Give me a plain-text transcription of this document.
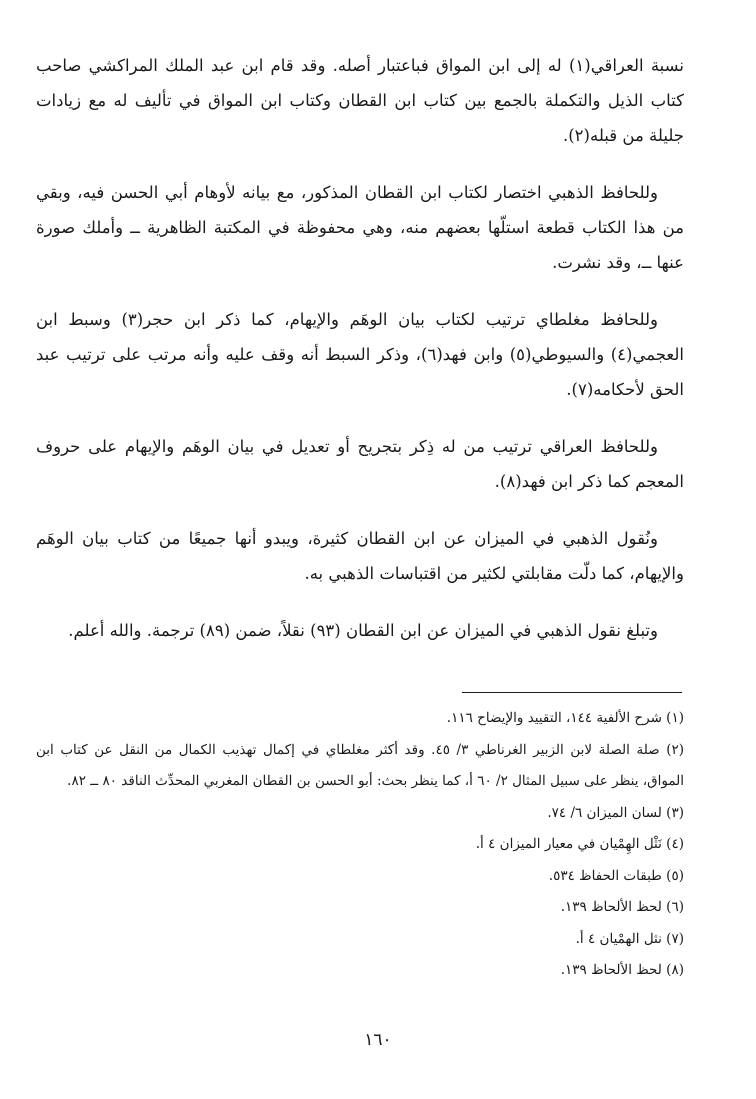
نسبة العراقي(١) له إلى ابن المواق فباعتبار أصله. وقد قام ابن عبد الملك المراكشي صاحب كتاب الذيل والتكملة بالجمع بين كتاب ابن القطان وكتاب ابن المواق في تأليف له مع زيادات جليلة من قبله(٢).

وللحافظ الذهبي اختصار لكتاب ابن القطان المذكور، مع بيانه لأوهام أبي الحسن فيه، وبقي من هذا الكتاب قطعة استلّها بعضهم منه، وهي محفوظة في المكتبة الظاهرية ــ وأملك صورة عنها ــ، وقد نشرت.

وللحافظ مغلطاي ترتيب لكتاب بيان الوهَم والإيهام، كما ذكر ابن حجر(٣) وسبط ابن العجمي(٤) والسيوطي(٥) وابن فهد(٦)، وذكر السبط أنه وقف عليه وأنه مرتب على ترتيب عبد الحق لأحكامه(٧).

وللحافظ العراقي ترتيب من له ذِكر بتجريح أو تعديل في بيان الوهَم والإيهام على حروف المعجم كما ذكر ابن فهد(٨).

ونُقول الذهبي في الميزان عن ابن القطان كثيرة، ويبدو أنها جميعًا من كتاب بيان الوهَم والإيهام، كما دلّت مقابلتي لكثير من اقتباسات الذهبي به.

وتبلغ نقول الذهبي في الميزان عن ابن القطان (٩٣) نقلاً، ضمن (٨٩) ترجمة. والله أعلم.

(١) شرح الألفية ١٤٤، التقييد والإيضاح ١١٦.

(٢) صلة الصلة لابن الزبير الغرناطي ٣/ ٤٥. وقد أكثر مغلطاي في إكمال تهذيب الكمال من النقل عن كتاب ابن المواق، ينظر على سبيل المثال ٢/ ٦٠ أ، كما ينظر بحث: أبو الحسن بن القطان المغربي المحدِّث الناقد ٨٠ ــ ٨٢.

(٣) لسان الميزان ٦/ ٧٤.

(٤) نَثْل الهِمْيان في معيار الميزان ٤ أ.

(٥) طبقات الحفاظ ٥٣٤.

(٦) لحظ الألحاظ ١٣٩.

(٧) نثل الهمْيان ٤ أ.

(٨) لحظ الألحاظ ١٣٩.

١٦٠
